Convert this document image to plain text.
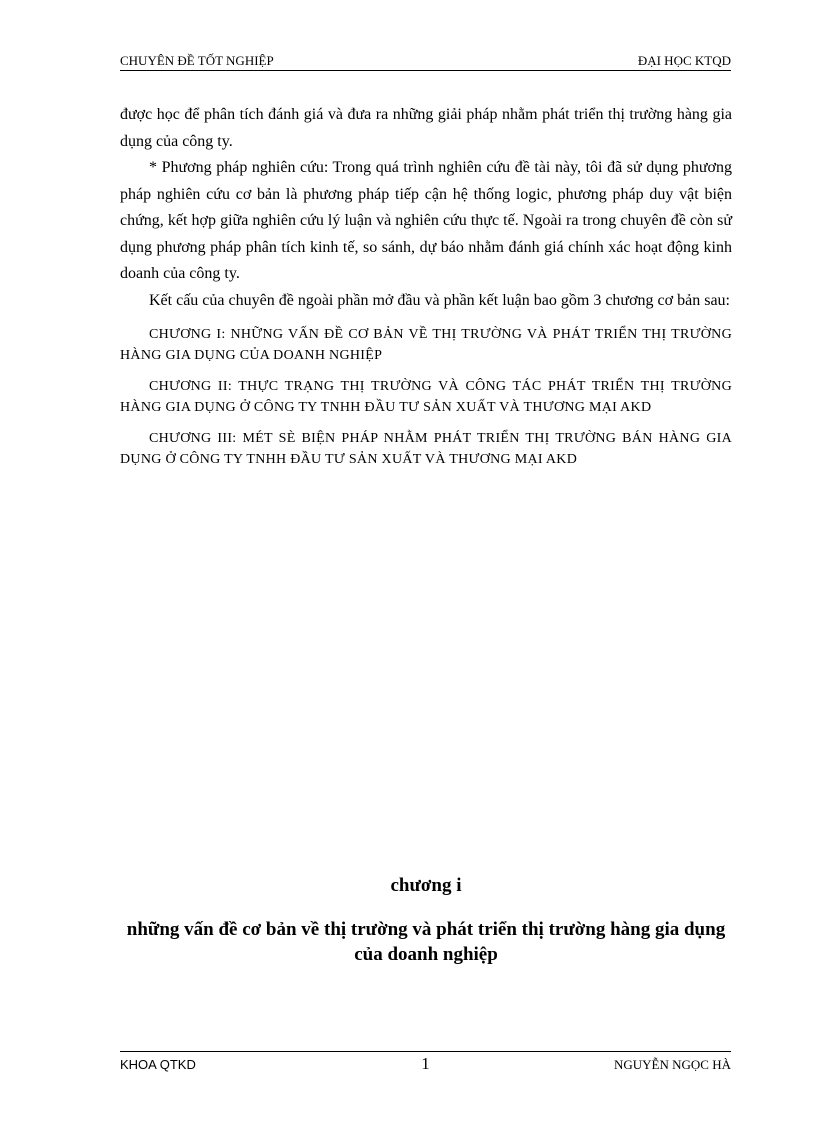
CHUYÊN ĐỀ TỐT NGHIỆP	ĐẠI HỌC KTQD

được học để phân tích đánh giá và đưa ra những giải pháp nhằm phát triển thị trường hàng gia dụng của công ty.

* Phương pháp nghiên cứu: Trong quá trình nghiên cứu đề tài này, tôi đã sử dụng phương pháp nghiên cứu cơ bản là phương pháp tiếp cận hệ thống logic, phương pháp duy vật biện chứng, kết hợp giữa nghiên cứu lý luận và nghiên cứu thực tế. Ngoài ra trong chuyên đề còn sử dụng phương pháp phân tích kinh tế, so sánh, dự báo nhằm đánh giá chính xác hoạt động kinh doanh của công ty.

Kết cấu của chuyên đề ngoài phần mở đầu và phần kết luận bao gồm 3 chương cơ bản sau:

CHƯƠNG I: NHỮNG VẤN ĐỀ CƠ BẢN VỀ THỊ TRƯỜNG VÀ PHÁT TRIỂN THỊ TRƯỜNG HÀNG GIA DỤNG CỦA DOANH NGHIỆP

CHƯƠNG II: THỰC TRẠNG THỊ TRƯỜNG VÀ CÔNG TÁC PHÁT TRIỂN THỊ TRƯỜNG HÀNG GIA DỤNG Ở CÔNG TY TNHH ĐẦU TƯ SẢN XUẤT VÀ THƯƠNG MẠI AKD

CHƯƠNG III: MÉT SÈ BIỆN PHÁP NHẰM PHÁT TRIỂN THỊ TRƯỜNG BÁN HÀNG GIA DỤNG Ở CÔNG TY TNHH ĐẦU TƯ SẢN XUẤT VÀ THƯƠNG MẠI AKD

chương i
những vấn đề cơ bản về thị trường và phát triển thị trường hàng gia dụng của doanh nghiệp
KHOA QTKD	1	NGUYỄN NGỌC HÀ
